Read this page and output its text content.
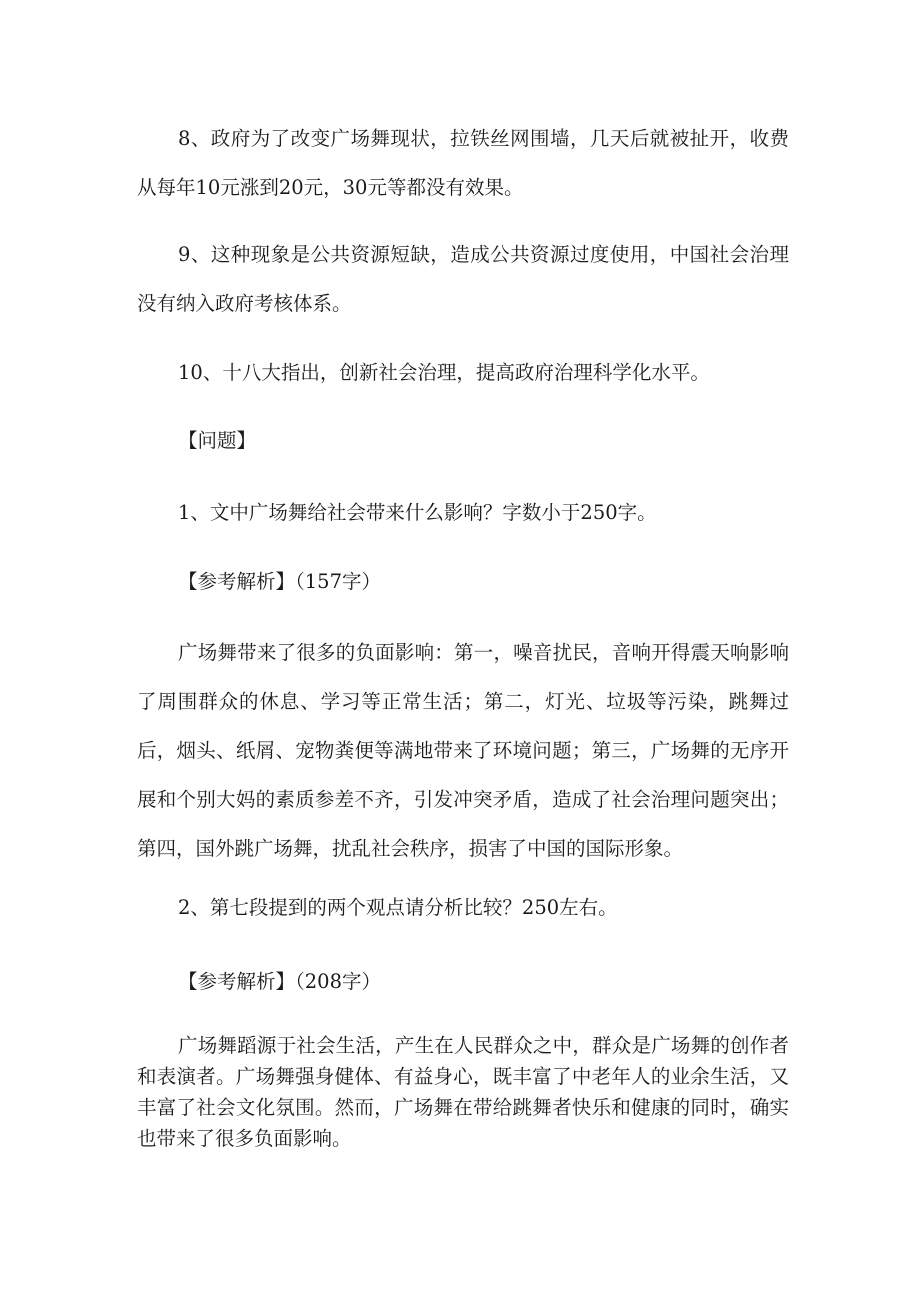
8、政府为了改变广场舞现状，拉铁丝网围墙，几天后就被扯开，收费从每年10元涨到20元，30元等都没有效果。

9、这种现象是公共资源短缺，造成公共资源过度使用，中国社会治理没有纳入政府考核体系。

10、十八大指出，创新社会治理，提高政府治理科学化水平。

【问题】

1、文中广场舞给社会带来什么影响？字数小于250字。

【参考解析】（157字）

广场舞带来了很多的负面影响：第一，噪音扰民，音响开得震天响影响了周围群众的休息、学习等正常生活；第二，灯光、垃圾等污染，跳舞过后，烟头、纸屑、宠物粪便等满地带来了环境问题；第三，广场舞的无序开展和个别大妈的素质参差不齐，引发冲突矛盾，造成了社会治理问题突出；第四，国外跳广场舞，扰乱社会秩序，损害了中国的国际形象。

2、第七段提到的两个观点请分析比较？250左右。

【参考解析】（208字）

广场舞蹈源于社会生活，产生在人民群众之中，群众是广场舞的创作者和表演者。广场舞强身健体、有益身心，既丰富了中老年人的业余生活，又丰富了社会文化氛围。然而，广场舞在带给跳舞者快乐和健康的同时，确实也带来了很多负面影响。
